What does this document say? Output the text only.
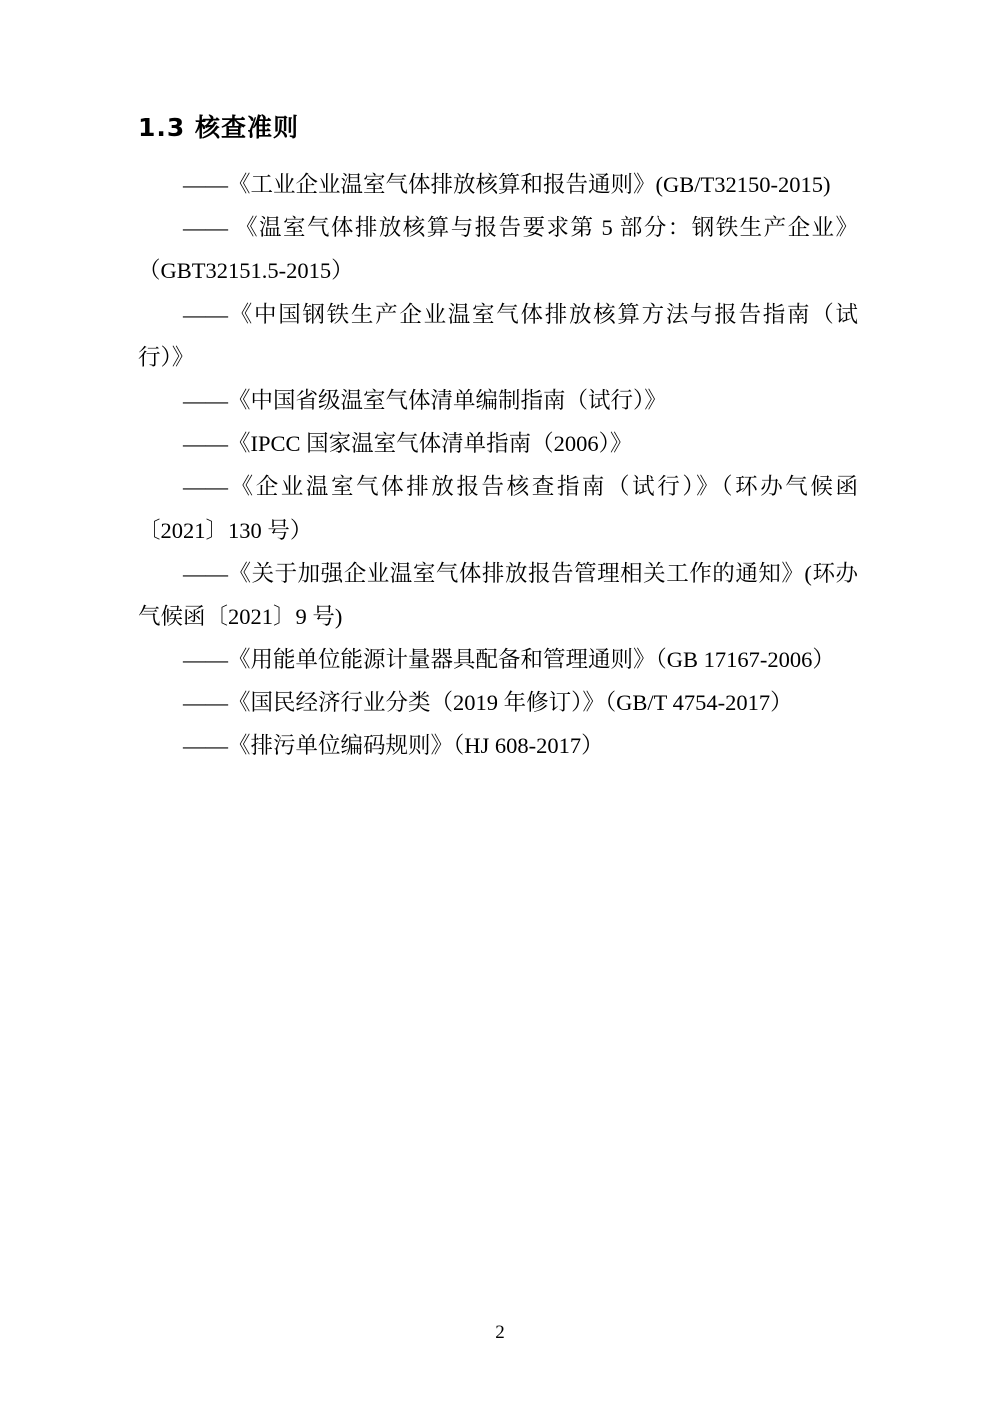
1.3 核查准则

——《工业企业温室气体排放核算和报告通则》(GB/T32150-2015)

—— 《温室气体排放核算与报告要求第 5 部分：钢铁生产企业》（GBT32151.5-2015）

——《中国钢铁生产企业温室气体排放核算方法与报告指南（试行）》

——《中国省级温室气体清单编制指南（试行）》

——《IPCC 国家温室气体清单指南（2006）》

——《企业温室气体排放报告核查指南（试行）》（环办气候函〔2021〕130 号）

——《关于加强企业温室气体排放报告管理相关工作的通知》(环办气候函〔2021〕9 号)

——《用能单位能源计量器具配备和管理通则》（GB 17167-2006）

——《国民经济行业分类（2019 年修订）》（GB/T 4754-2017）

——《排污单位编码规则》（HJ 608-2017）

2
